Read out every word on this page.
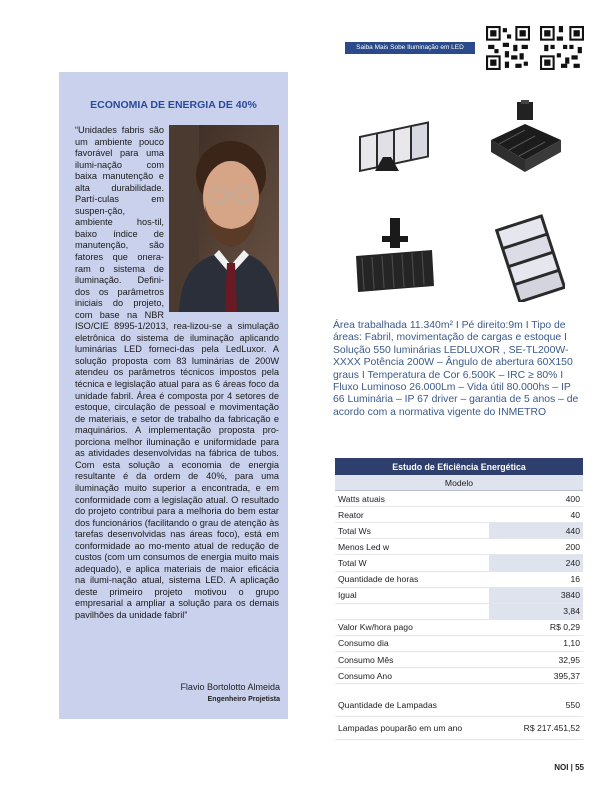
Saiba Mais Sobe Iluminação em LED
ECONOMIA DE ENERGIA DE 40%

“Unidades fabris são um ambiente pouco favorável para uma ilumi-nação com baixa manutenção e alta durabilidade. Partí-culas em suspen-ção, ambiente hos-til, baixo índice de manutenção, são fatores que onera-ram o sistema de iluminação. Defini-dos os parâmetros iniciais do projeto, com base na NBR ISO/CIE 8995-1/2013, rea-lizou-se a simulação eletrônica do sistema de iluminação aplicando luminárias LED forneci-das pela LedLuxor. A solução proposta com 83 luminárias de 200W atendeu os parâmetros técnicos impostos pela técnica e legislação atual para as 6 áreas foco da unidade fabril. Área é composta por 4 setores de estoque, circulação de pessoal e movimentação de materiais, e setor de trabalho da fabricação e maquinários. A implementação proposta pro-porciona melhor iluminação e uniformidade para as atividades desenvolvidas na fábrica de tubos. Com esta solução a economia de energia resultante é da ordem de 40%, para uma iluminação muito superior a encontrada, e em conformidade com a legislação atual. O resultado do projeto contribui para a melhoria do bem estar dos funcionários (facilitando o grau de atenção às tarefas desenvolvidas nas áreas foco), está em conformidade ao mo-mento atual de redução de custos (com um consumos de energia muito mais adequado), e aplica materiais de maior eficácia na ilumi-nação atual, sistema LED. A aplicação deste primeiro projeto motivou o grupo empresarial a ampliar a solução para os demais pavilhões da unidade fabril”

Flavio Bortolotto Almeida
Engenheiro Projetista
Área trabalhada 11.340m² I Pé direito:9m I Tipo de áreas: Fabril, movimentação de cargas e estoque I Solução 550 luminárias LEDLUXOR , SE-TL200W-XXXX Potência 200W – Ângulo de abertura 60X150 graus I Temperatura de Cor 6.500K – IRC ≥ 80% I Fluxo Luminoso 26.000Lm – Vida útil 80.000hs – IP 66 Luminária – IP 67 driver – garantia de 5 anos – de acordo com a normativa vigente do INMETRO
Estudo de Eficiência Energética	
Modelo	
Watts atuais	400
Reator	40
Total Ws	440
Menos Led w	200
Total W	240
Quantidade de horas	16
Igual	3840
	3,84
Valor Kw/hora pago	R$ 0,29
Consumo dia	1,10
Consumo Mês	32,95
Consumo Ano	395,37

Quantidade de Lampadas	550
Lampadas pouparão em um ano	R$ 217.451,52
NOI | 55
